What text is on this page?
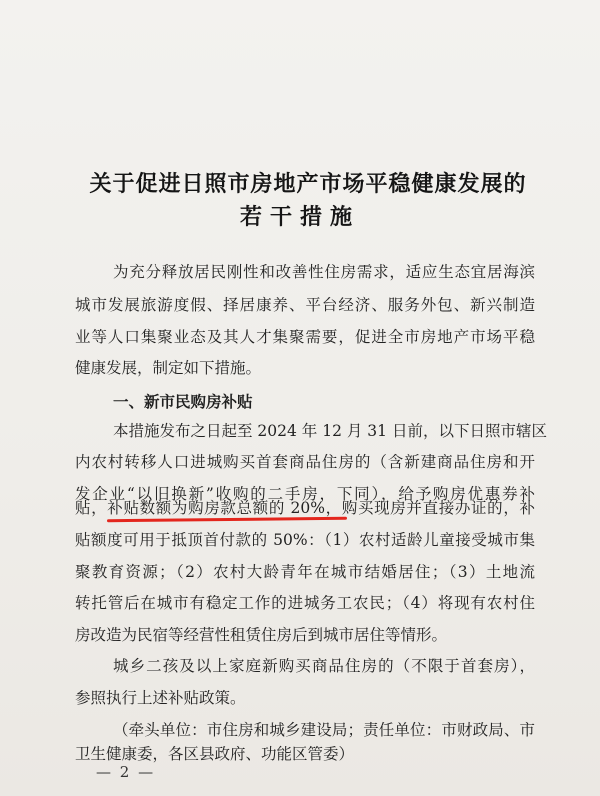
关于促进日照市房地产市场平稳健康发展的
若干措施
为充分释放居民刚性和改善性住房需求，适应生态宜居海滨
城市发展旅游度假、择居康养、平台经济、服务外包、新兴制造
业等人口集聚业态及其人才集聚需要，促进全市房地产市场平稳
健康发展，制定如下措施。
一、新市民购房补贴
本措施发布之日起至 2024 年 12 月 31 日前，以下日照市辖区
内农村转移人口进城购买首套商品住房的（含新建商品住房和开
发企业“以旧换新”收购的二手房，下同），给予购房优惠券补
贴，补贴数额为购房款总额的 20%，购买现房并直接办证的，补
贴额度可用于抵顶首付款的 50%：（1）农村适龄儿童接受城市集
聚教育资源；（2）农村大龄青年在城市结婚居住；（3）土地流
转托管后在城市有稳定工作的进城务工农民；（4）将现有农村住
房改造为民宿等经营性租赁住房后到城市居住等情形。
城乡二孩及以上家庭新购买商品住房的（不限于首套房），
参照执行上述补贴政策。
（牵头单位：市住房和城乡建设局；责任单位：市财政局、市
卫生健康委，各区县政府、功能区管委）
— 2 —
